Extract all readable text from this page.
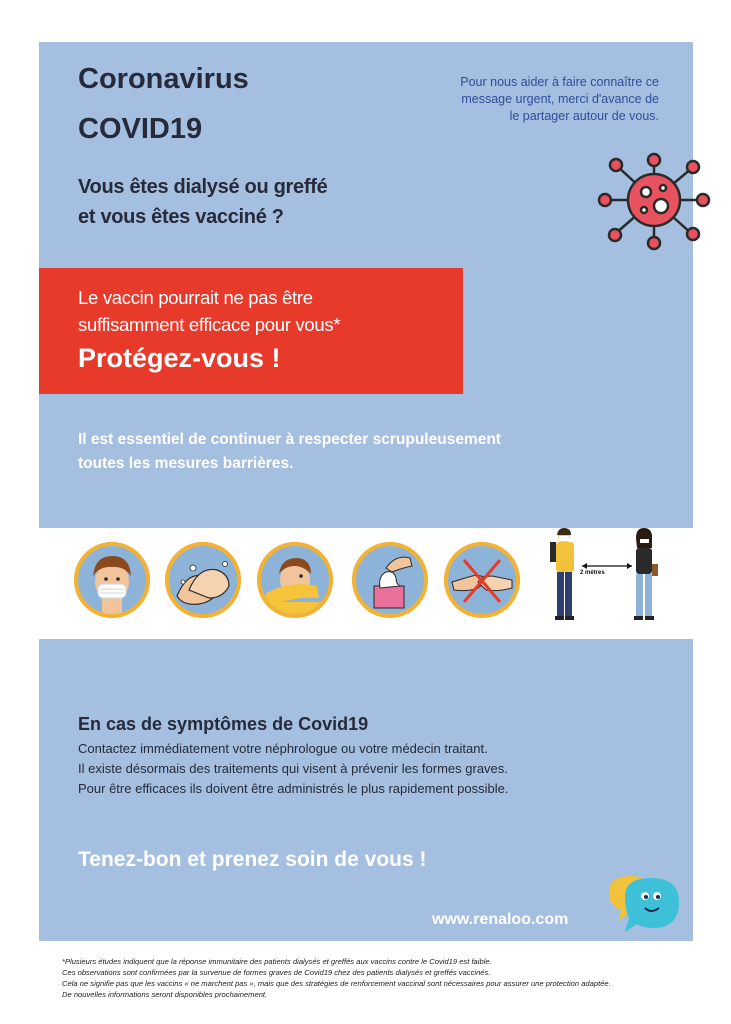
Coronavirus
COVID19
Pour nous aider à faire connaître ce
message urgent, merci d'avance de
le partager autour de vous.
Vous êtes dialysé ou greffé
et vous êtes vacciné ?
Le vaccin pourrait ne pas être
suffisamment efficace pour vous*
Protégez-vous !
Il est essentiel de continuer à respecter scrupuleusement
toutes les mesures barrières.
2 mètres
En cas de symptômes de Covid19
Contactez immédiatement votre néphrologue ou votre médecin traitant.
Il existe désormais des traitements qui visent à prévenir les formes graves.
Pour être efficaces ils doivent être administrés le plus rapidement possible.
Tenez-bon et prenez soin de vous !
www.renaloo.com
*Plusieurs études indiquent que la réponse immunitaire des patients dialysés et greffés aux vaccins contre le Covid19 est faible.
Ces observations sont confirmées par la survenue de formes graves de Covid19 chez des patients dialysés et greffés vaccinés.
Cela ne signifie pas que les vaccins « ne marchent pas », mais que des stratégies de renforcement vaccinal sont nécessaires pour assurer une protection adaptée.
De nouvelles informations seront disponibles prochainement.
